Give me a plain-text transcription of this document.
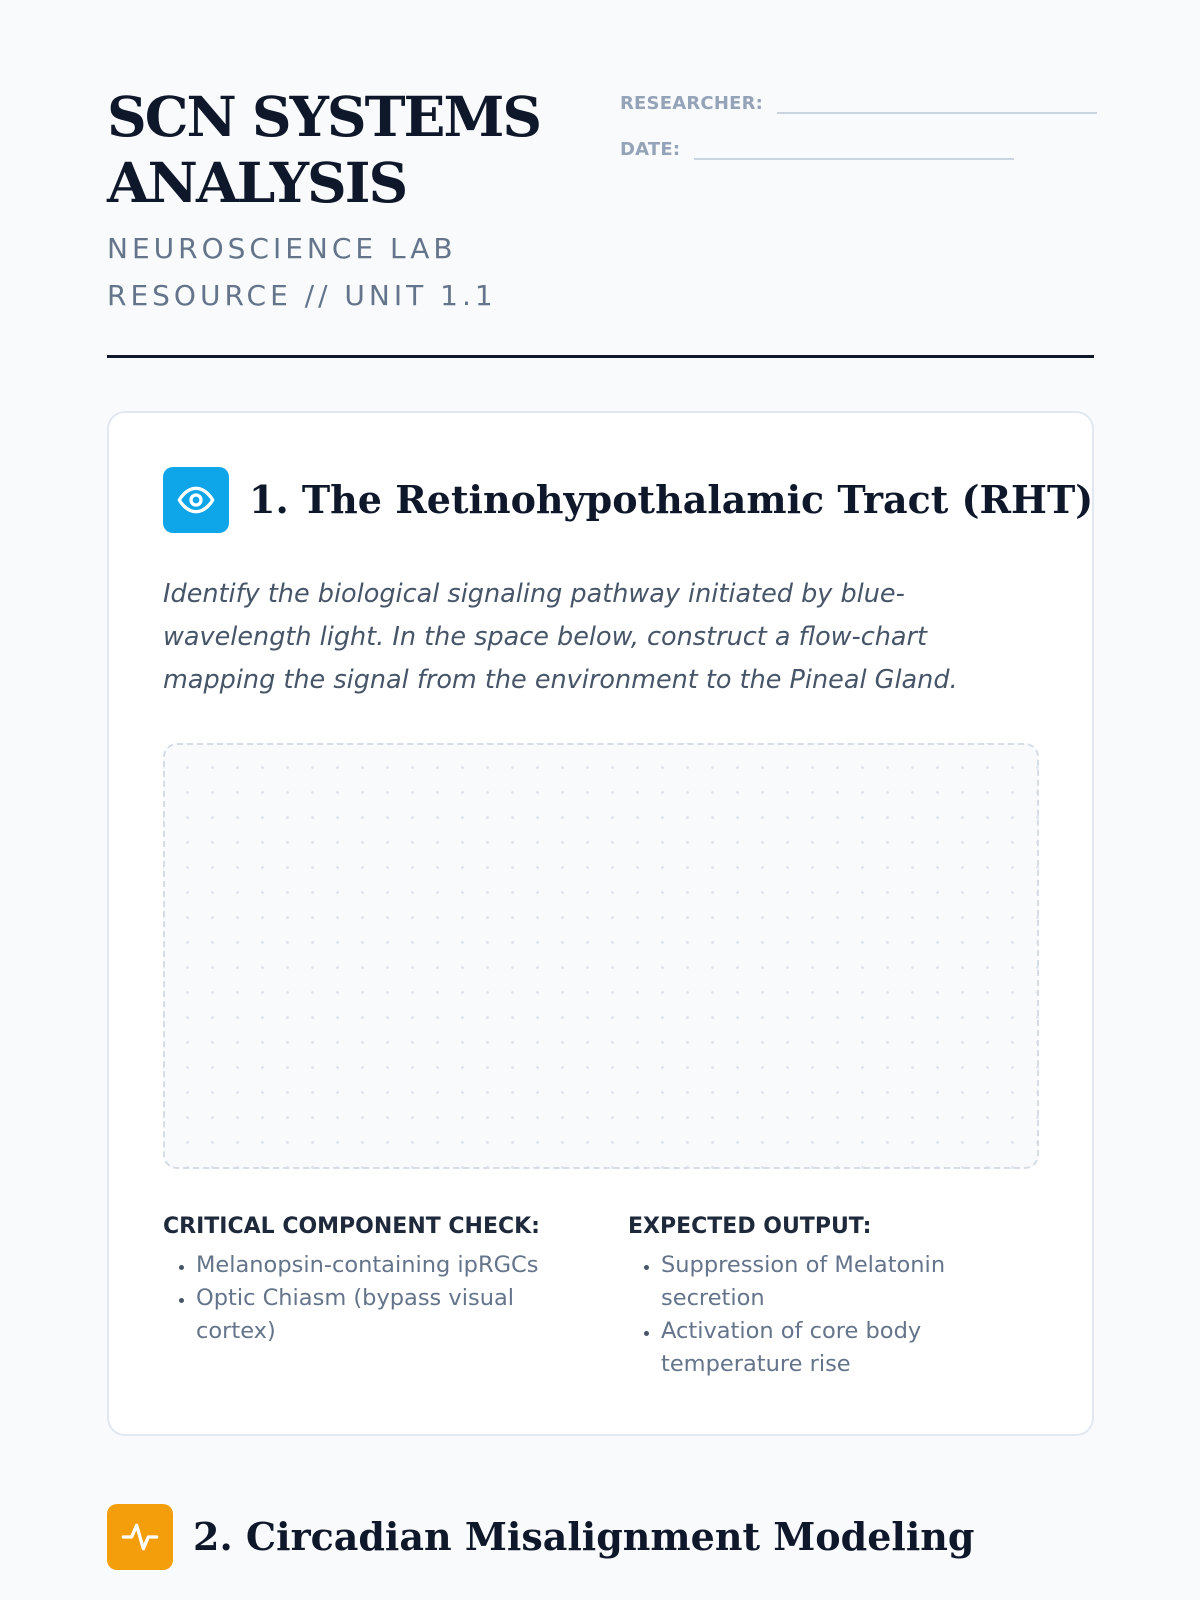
SCN SYSTEMS ANALYSIS

NEUROSCIENCE LAB RESOURCE // UNIT 1.1

RESEARCHER:
DATE:
1. The Retinohypothalamic Tract (RHT)

Identify the biological signaling pathway initiated by blue-wavelength light. In the space below, construct a flow-chart mapping the signal from the environment to the Pineal Gland.

CRITICAL COMPONENT CHECK:
• Melanopsin-containing ipRGCs
• Optic Chiasm (bypass visual cortex)
EXPECTED OUTPUT:
• Suppression of Melatonin secretion
• Activation of core body temperature rise
2. Circadian Misalignment Modeling
